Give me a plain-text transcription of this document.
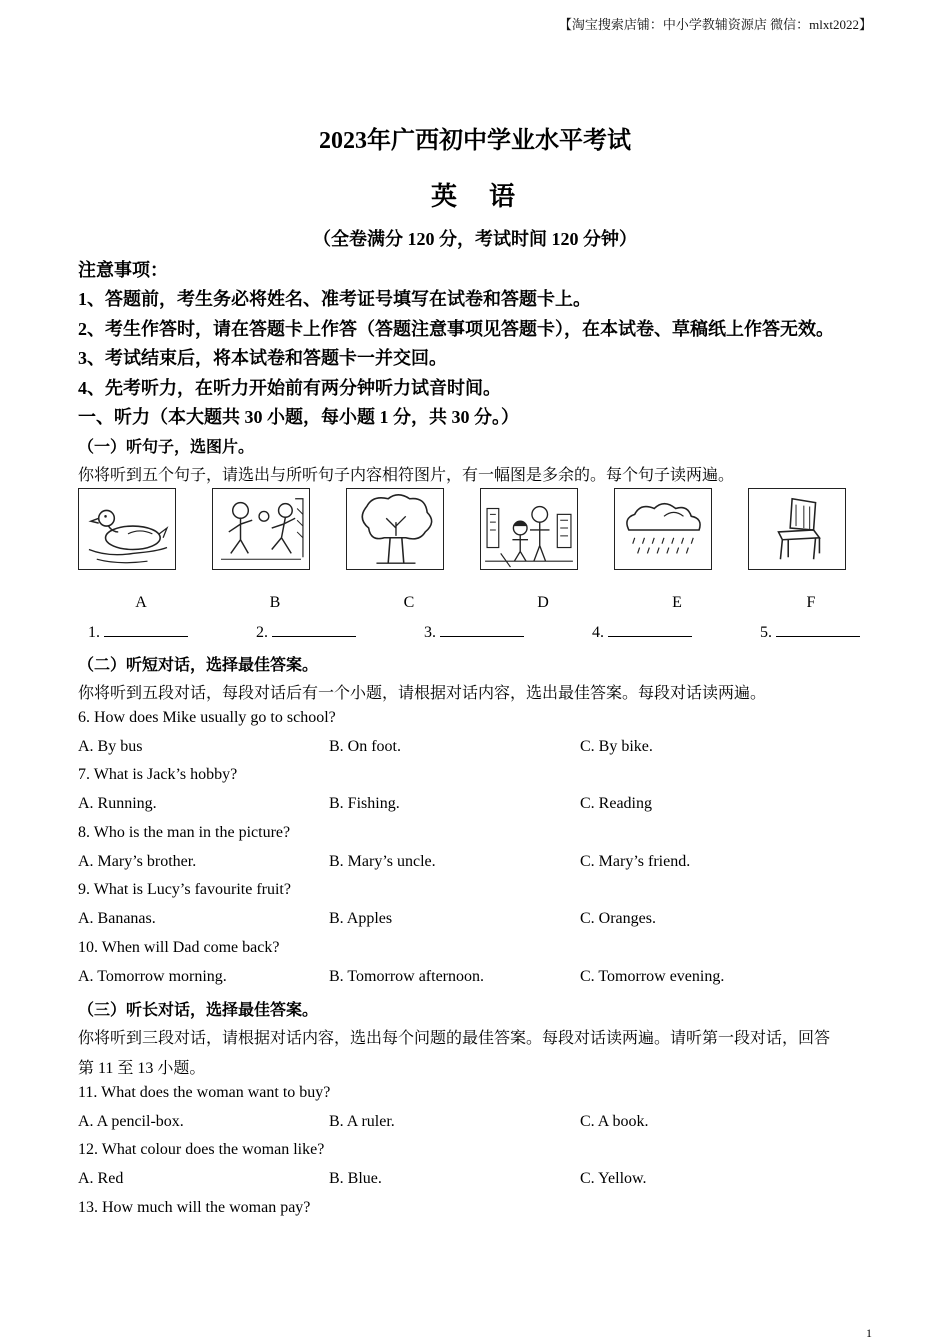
【淘宝搜索店铺：中小学教辅资源店 微信：mlxt2022】
2023年广西初中学业水平考试
英语
（全卷满分 120 分，考试时间 120 分钟）
注意事项：
1、答题前，考生务必将姓名、准考证号填写在试卷和答题卡上。
2、考生作答时，请在答题卡上作答（答题注意事项见答题卡），在本试卷、草稿纸上作答无效。
3、考试结束后，将本试卷和答题卡一并交回。
4、先考听力，在听力开始前有两分钟听力试音时间。
一、听力（本大题共 30 小题，每小题 1 分，共 30 分。）
（一）听句子，选图片。
你将听到五个句子，请选出与所听句子内容相符图片，有一幅图是多余的。每个句子读两遍。
A	B	C	D	E	F
1.	2.	3.	4.	5.
（二）听短对话，选择最佳答案。
你将听到五段对话，每段对话后有一个小题，请根据对话内容，选出最佳答案。每段对话读两遍。
6. How does Mike usually go to school?
A. By bus	B. On foot.	C. By bike.
7. What is Jack’s hobby?
A. Running.	B. Fishing.	C. Reading
8. Who is the man in the picture?
A. Mary’s brother.	B. Mary’s uncle.	C. Mary’s friend.
9. What is Lucy’s favourite fruit?
A. Bananas.	B. Apples	C. Oranges.
10. When will Dad come back?
A. Tomorrow morning.	B. Tomorrow afternoon.	C. Tomorrow evening.
（三）听长对话，选择最佳答案。
你将听到三段对话，请根据对话内容，选出每个问题的最佳答案。每段对话读两遍。请听第一段对话，回答
第 11 至 13 小题。
11. What does the woman want to buy?
A. A pencil-box.	B. A ruler.	C. A book.
12. What colour does the woman like?
A. Red	B. Blue.	C. Yellow.
13. How much will the woman pay?
1
